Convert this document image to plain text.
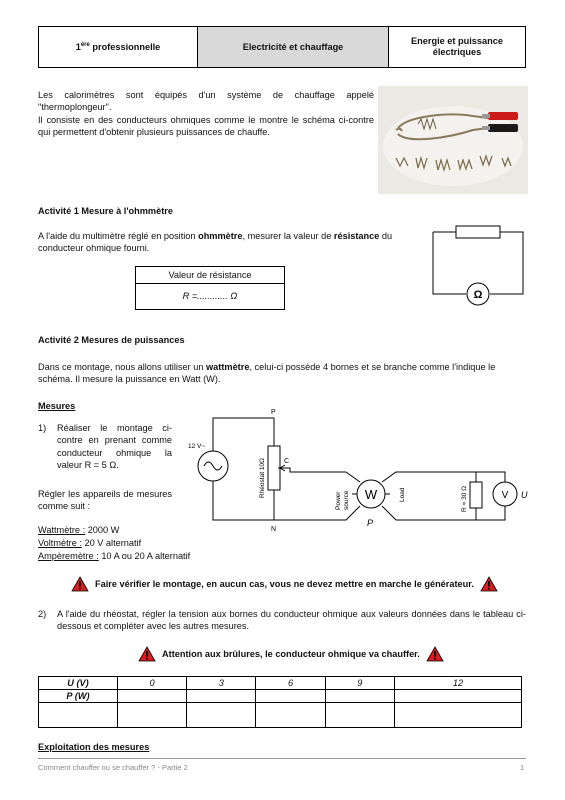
1ère professionnelle	Electricité et chauffage	Energie et puissance
électriques
Les calorimètres sont équipés d'un système de chauffage appelé "thermoplongeur".
Il consiste en des conducteurs ohmiques comme le montre le schéma ci-contre qui permettent d'obtenir plusieurs puissances de chauffe.
Activité 1 Mesure à l'ohmmètre
A l'aide du multimètre réglé en position ohmmètre, mesurer la valeur de résistance du conducteur ohmique fourni.
Valeur de résistance
R =............ Ω	Ω
Activité 2 Mesures de puissances
Dans ce montage, nous allons utiliser un wattmètre, celui-ci possède 4 bornes et se branche comme l'indique le schéma. Il mesure la puissance en Watt (W).
Mesures
1) Réaliser le montage ci-contre en prenant comme conducteur ohmique la valeur R = 5 Ω.
Régler les appareils de mesures comme suit :
Wattmètre : 2000 W
Voltmètre : 20 V alternatif
Ampèremètre : 10 A ou 20 A alternatif
P
N
C
12 V~
Rhéostat 10Ω
Power source	Load
W
P
R = 30 Ω	V U
Faire vérifier le montage, en aucun cas, vous ne devez mettre en marche le générateur.
2) A l'aide du rhéostat, régler la tension aux bornes du conducteur ohmique aux valeurs données dans le tableau ci-dessous et compléter avec les autres mesures.
Attention aux brûlures, le conducteur ohmique va chauffer.
U (V)	0	3	6	9	12
P (W)					

Exploitation des mesures
Comment chauffer ou se chauffer ? - Partie 2	1
